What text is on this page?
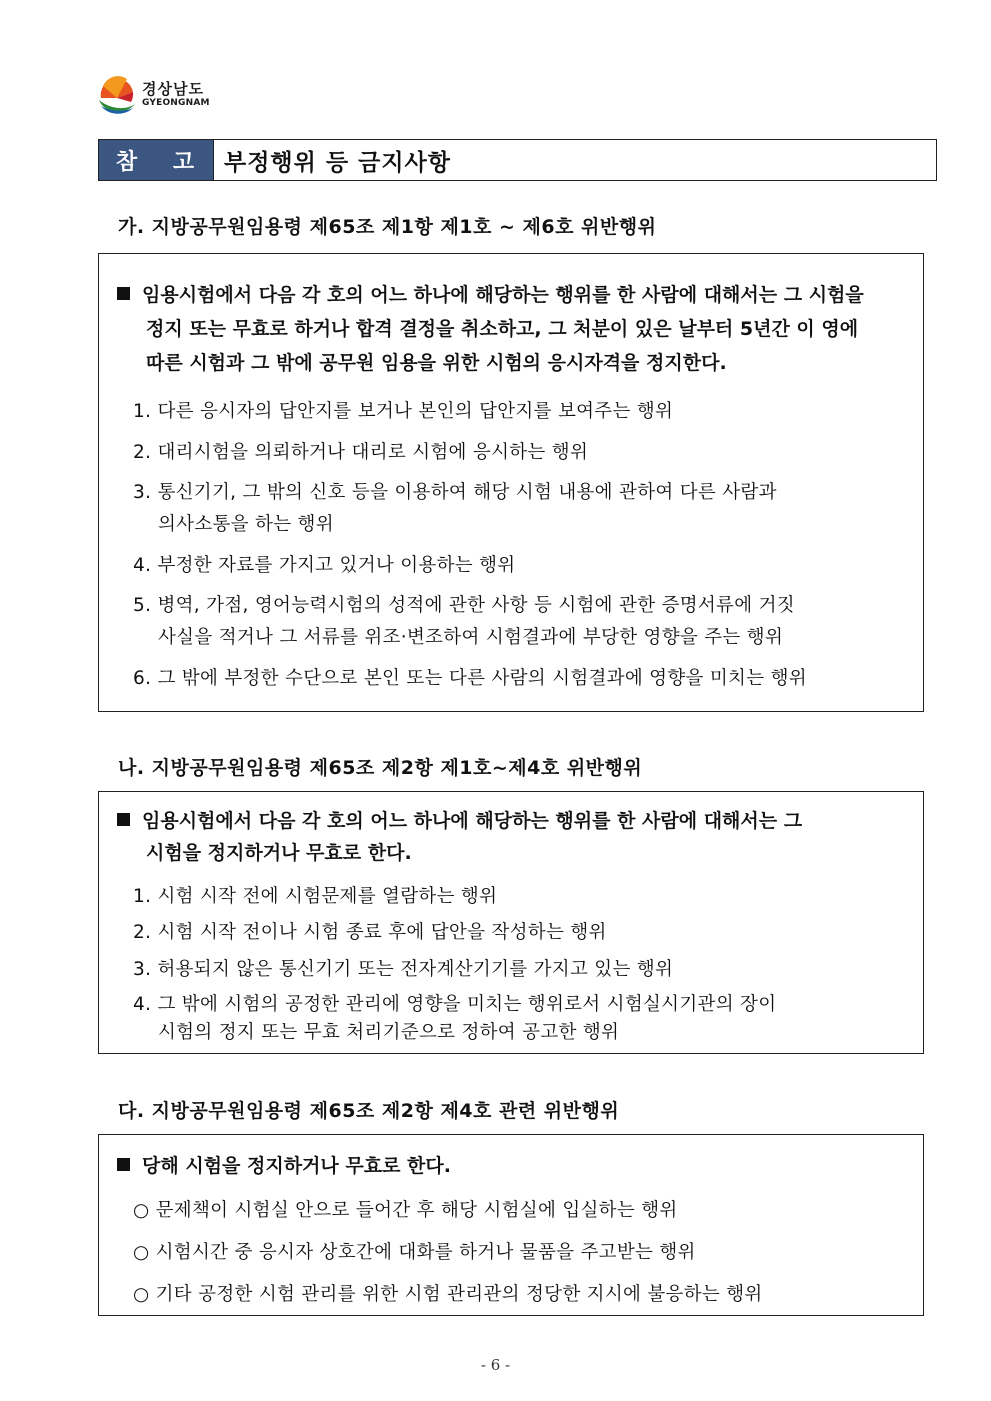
경상남도
GYEONGNAM
참 고 부정행위 등 금지사항
가. 지방공무원임용령 제65조 제1항 제1호 ~ 제6호 위반행위
임용시험에서 다음 각 호의 어느 하나에 해당하는 행위를 한 사람에 대해서는 그 시험을
정지 또는 무효로 하거나 합격 결정을 취소하고, 그 처분이 있은 날부터 5년간 이 영에
따른 시험과 그 밖에 공무원 임용을 위한 시험의 응시자격을 정지한다.
1. 다른 응시자의 답안지를 보거나 본인의 답안지를 보여주는 행위
2. 대리시험을 의뢰하거나 대리로 시험에 응시하는 행위
3. 통신기기, 그 밖의 신호 등을 이용하여 해당 시험 내용에 관하여 다른 사람과
의사소통을 하는 행위
4. 부정한 자료를 가지고 있거나 이용하는 행위
5. 병역, 가점, 영어능력시험의 성적에 관한 사항 등 시험에 관한 증명서류에 거짓
사실을 적거나 그 서류를 위조·변조하여 시험결과에 부당한 영향을 주는 행위
6. 그 밖에 부정한 수단으로 본인 또는 다른 사람의 시험결과에 영향을 미치는 행위
나. 지방공무원임용령 제65조 제2항 제1호~제4호 위반행위
임용시험에서 다음 각 호의 어느 하나에 해당하는 행위를 한 사람에 대해서는 그
시험을 정지하거나 무효로 한다.
1. 시험 시작 전에 시험문제를 열람하는 행위
2. 시험 시작 전이나 시험 종료 후에 답안을 작성하는 행위
3. 허용되지 않은 통신기기 또는 전자계산기기를 가지고 있는 행위
4. 그 밖에 시험의 공정한 관리에 영향을 미치는 행위로서 시험실시기관의 장이
시험의 정지 또는 무효 처리기준으로 정하여 공고한 행위
다. 지방공무원임용령 제65조 제2항 제4호 관련 위반행위
당해 시험을 정지하거나 무효로 한다.
○ 문제책이 시험실 안으로 들어간 후 해당 시험실에 입실하는 행위
○ 시험시간 중 응시자 상호간에 대화를 하거나 물품을 주고받는 행위
○ 기타 공정한 시험 관리를 위한 시험 관리관의 정당한 지시에 불응하는 행위
- 6 -
